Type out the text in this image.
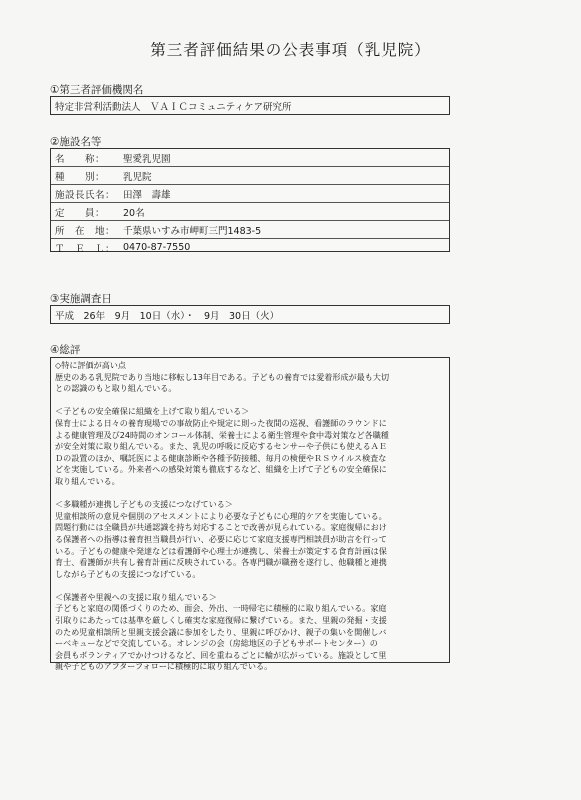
第三者評価結果の公表事項（乳児院）
①第三者評価機関名
特定非営利活動法人　ＶＡＩＣコミュニティケア研究所
②施設名等
名　　称：	聖愛乳児園
種　　別：	乳児院
施設長氏名： 田澤　壽雄
定　　員：	20名
所　在　地： 千葉県いすみ市岬町三門1483-5
Ｔ　Ｅ　Ｌ： 0470-87-7550
③実施調査日
平成　26年　9月　10日（水）・　9月　30日（火）
④総評
◇特に評価が高い点
歴史のある乳児院であり当地に移転し13年目である。子どもの養育では愛着形成が最も大切
との認識のもと取り組んでいる。
＜子どもの安全確保に組織を上げて取り組んでいる＞
保育士による日々の養育現場での事故防止や規定に則った夜間の巡視、看護師のラウンドに
よる健康管理及び24時間のオンコール体制、栄養士による衛生管理や食中毒対策など各職種
が安全対策に取り組んでいる。また、乳児の呼吸に反応するセンサーや子供にも使えるＡＥ
Ｄの設置のほか、嘱託医による健康診断や各種予防接種、毎月の検便やＲＳウイルス検査な
どを実施している。外来者への感染対策も徹底するなど、組織を上げて子どもの安全確保に
取り組んでいる。
＜多職種が連携し子どもの支援につなげている＞
児童相談所の意見や個別のアセスメントにより必要な子どもに心理的ケアを実施している。
問題行動には全職員が共通認識を持ち対応することで改善が見られている。家庭復帰におけ
る保護者への指導は養育担当職員が行い、必要に応じて家庭支援専門相談員が助言を行って
いる。子どもの健康や発達などは看護師や心理士が連携し、栄養士が策定する食育計画は保
育士、看護師が共有し養育計画に反映されている。各専門職が職務を遂行し、他職種と連携
しながら子どもの支援につなげている。
＜保護者や里親への支援に取り組んでいる＞
子どもと家庭の関係づくりのため、面会、外出、一時帰宅に積極的に取り組んでいる。家庭
引取りにあたっては基準を厳しくし確実な家庭復帰に繋げている。また、里親の発掘・支援
のため児童相談所と里親支援会議に参加をしたり、里親に呼びかけ、親子の集いを開催しバ
ーベキューなどで交流している。オレンジの会（房総地区の子どもサポートセンター）の
会員もボランティアでかけつけるなど、回を重ねるごとに輪が広がっている。施設として里
親や子どものアフターフォローに積極的に取り組んでいる。
